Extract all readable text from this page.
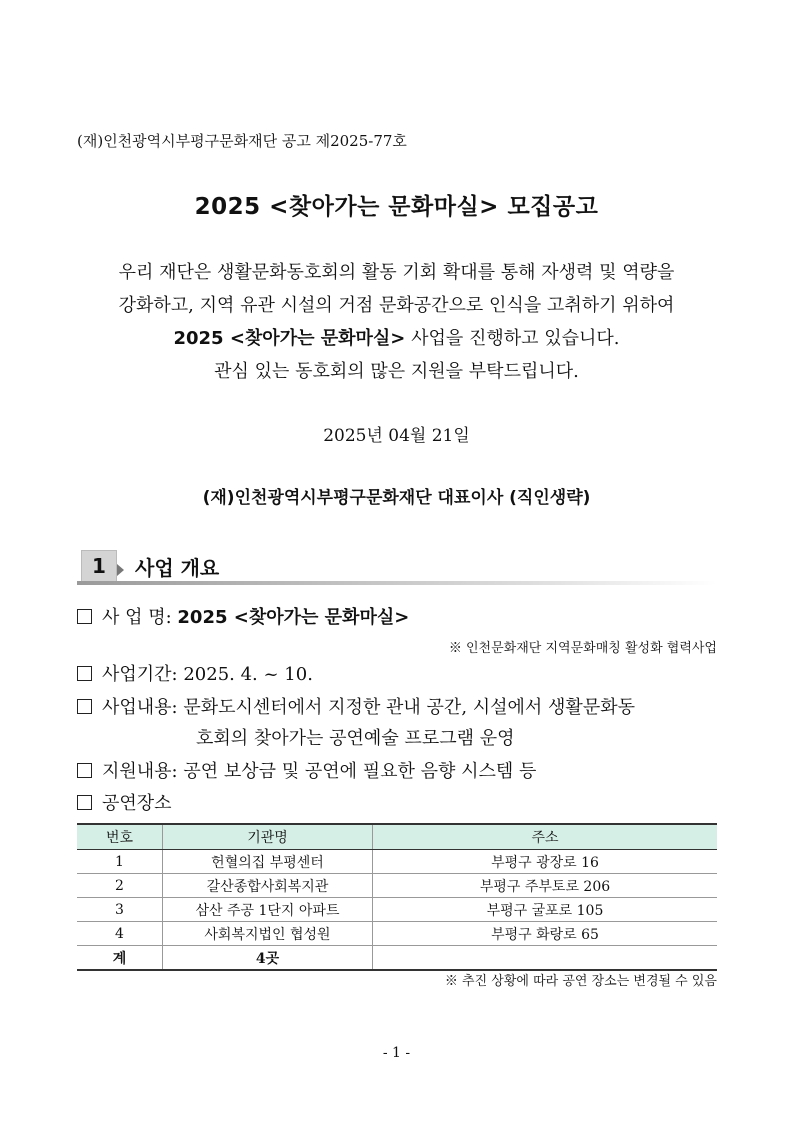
(재)인천광역시부평구문화재단 공고 제2025-77호
2025 <찾아가는 문화마실> 모집공고
우리 재단은 생활문화동호회의 활동 기회 확대를 통해 자생력 및 역량을
강화하고, 지역 유관 시설의 거점 문화공간으로 인식을 고취하기 위하여
2025 <찾아가는 문화마실> 사업을 진행하고 있습니다.
관심 있는 동호회의 많은 지원을 부탁드립니다.
2025년 04월 21일
(재)인천광역시부평구문화재단 대표이사 (직인생략)
1	사업 개요
사 업 명: 2025 <찾아가는 문화마실>
※ 인천문화재단 지역문화매칭 활성화 협력사업
사업기간: 2025. 4. ~ 10.
사업내용: 문화도시센터에서 지정한 관내 공간, 시설에서 생활문화동
호회의 찾아가는 공연예술 프로그램 운영
지원내용: 공연 보상금 및 공연에 필요한 음향 시스템 등
공연장소
번호	기관명	주소
1	헌혈의집 부평센터	부평구 광장로 16
2	갈산종합사회복지관	부평구 주부토로 206
3	삼산 주공 1단지 아파트	부평구 굴포로 105
4	사회복지법인 협성원	부평구 화랑로 65
계	4곳	
※ 추진 상황에 따라 공연 장소는 변경될 수 있음
- 1 -
